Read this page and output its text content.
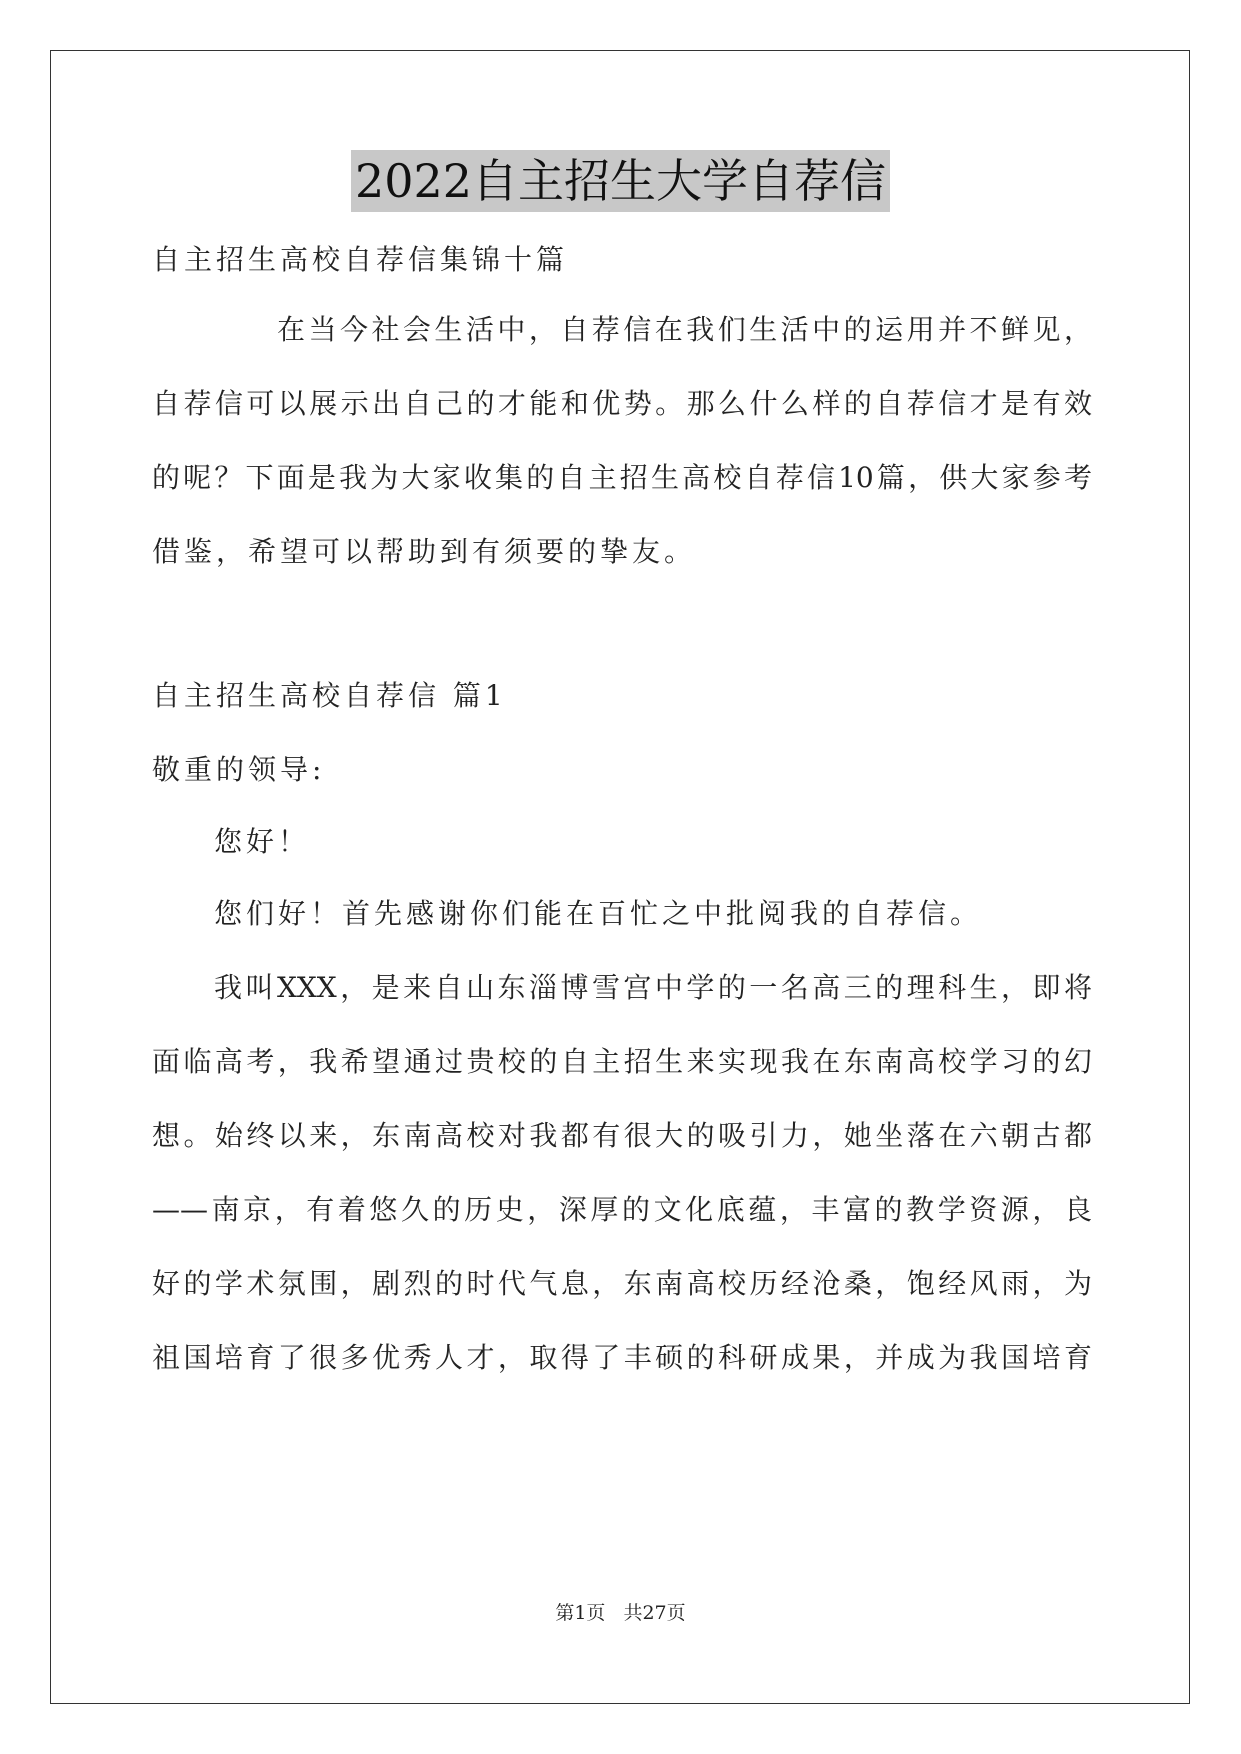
2022自主招生大学自荐信
自主招生高校自荐信集锦十篇
在当今社会生活中，自荐信在我们生活中的运用并不鲜见，
自荐信可以展示出自己的才能和优势。那么什么样的自荐信才是有效
的呢？下面是我为大家收集的自主招生高校自荐信10篇，供大家参考
借鉴，希望可以帮助到有须要的挚友。
自主招生高校自荐信 篇1
敬重的领导:
您好！
您们好！首先感谢你们能在百忙之中批阅我的自荐信。
我叫XXX，是来自山东淄博雪宫中学的一名高三的理科生，即将
面临高考，我希望通过贵校的自主招生来实现我在东南高校学习的幻
想。始终以来，东南高校对我都有很大的吸引力，她坐落在六朝古都
——南京，有着悠久的历史，深厚的文化底蕴，丰富的教学资源，良
好的学术氛围，剧烈的时代气息，东南高校历经沧桑，饱经风雨，为
祖国培育了很多优秀人才，取得了丰硕的科研成果，并成为我国培育
第1页 共27页
